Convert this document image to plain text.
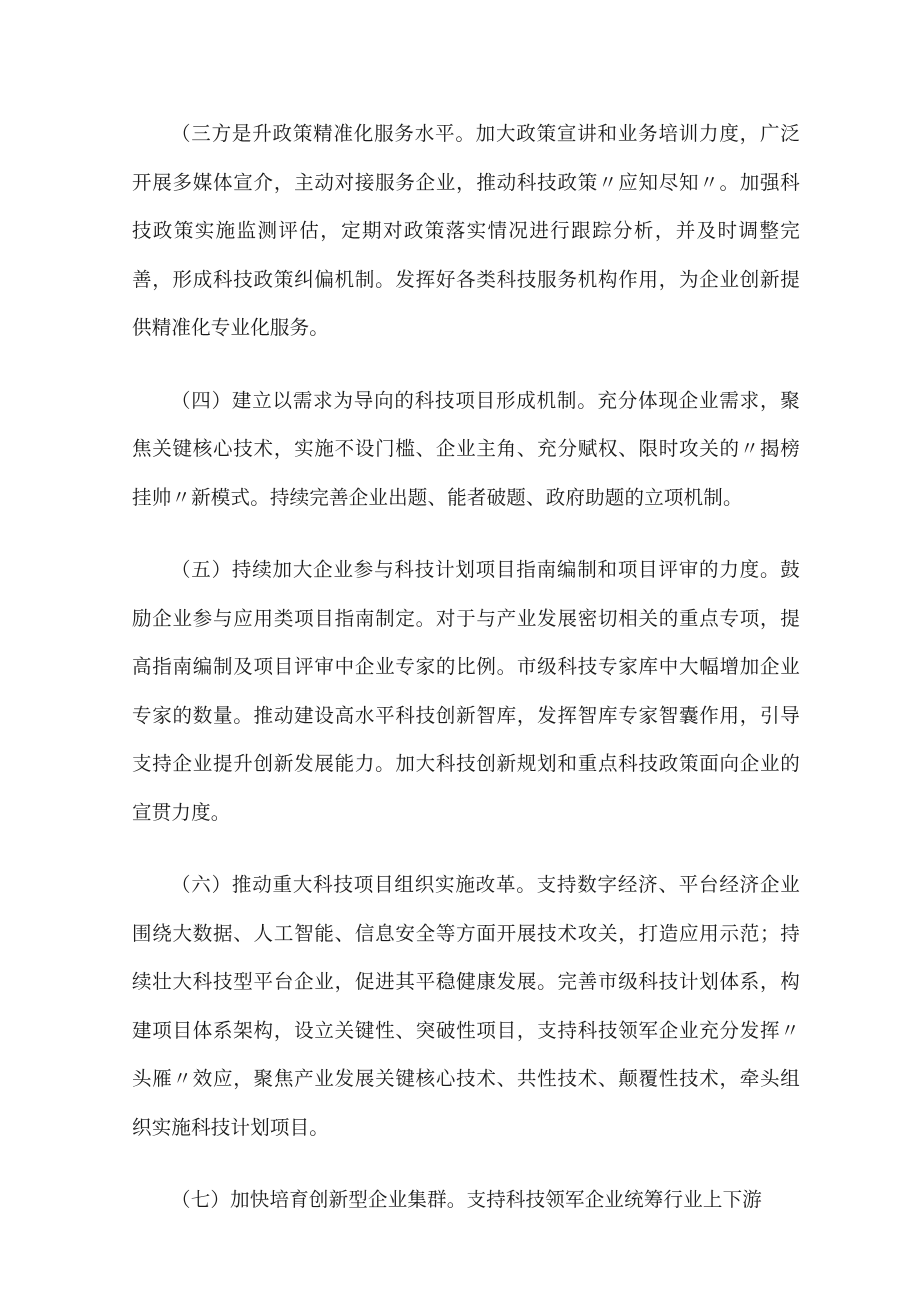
（三方是升政策精准化服务水平。加大政策宣讲和业务培训力度，广泛开展多媒体宣介，主动对接服务企业，推动科技政策〃应知尽知〃。加强科技政策实施监测评估，定期对政策落实情况进行跟踪分析，并及时调整完善，形成科技政策纠偏机制。发挥好各类科技服务机构作用，为企业创新提供精准化专业化服务。

（四）建立以需求为导向的科技项目形成机制。充分体现企业需求，聚焦关键核心技术，实施不设门槛、企业主角、充分赋权、限时攻关的〃揭榜挂帅〃新模式。持续完善企业出题、能者破题、政府助题的立项机制。

（五）持续加大企业参与科技计划项目指南编制和项目评审的力度。鼓励企业参与应用类项目指南制定。对于与产业发展密切相关的重点专项，提高指南编制及项目评审中企业专家的比例。市级科技专家库中大幅增加企业专家的数量。推动建设高水平科技创新智库，发挥智库专家智囊作用，引导支持企业提升创新发展能力。加大科技创新规划和重点科技政策面向企业的宣贯力度。

（六）推动重大科技项目组织实施改革。支持数字经济、平台经济企业围绕大数据、人工智能、信息安全等方面开展技术攻关，打造应用示范；持续壮大科技型平台企业，促进其平稳健康发展。完善市级科技计划体系，构建项目体系架构，设立关键性、突破性项目，支持科技领军企业充分发挥〃头雁〃效应，聚焦产业发展关键核心技术、共性技术、颠覆性技术，牵头组织实施科技计划项目。

（七）加快培育创新型企业集群。支持科技领军企业统筹行业上下游
